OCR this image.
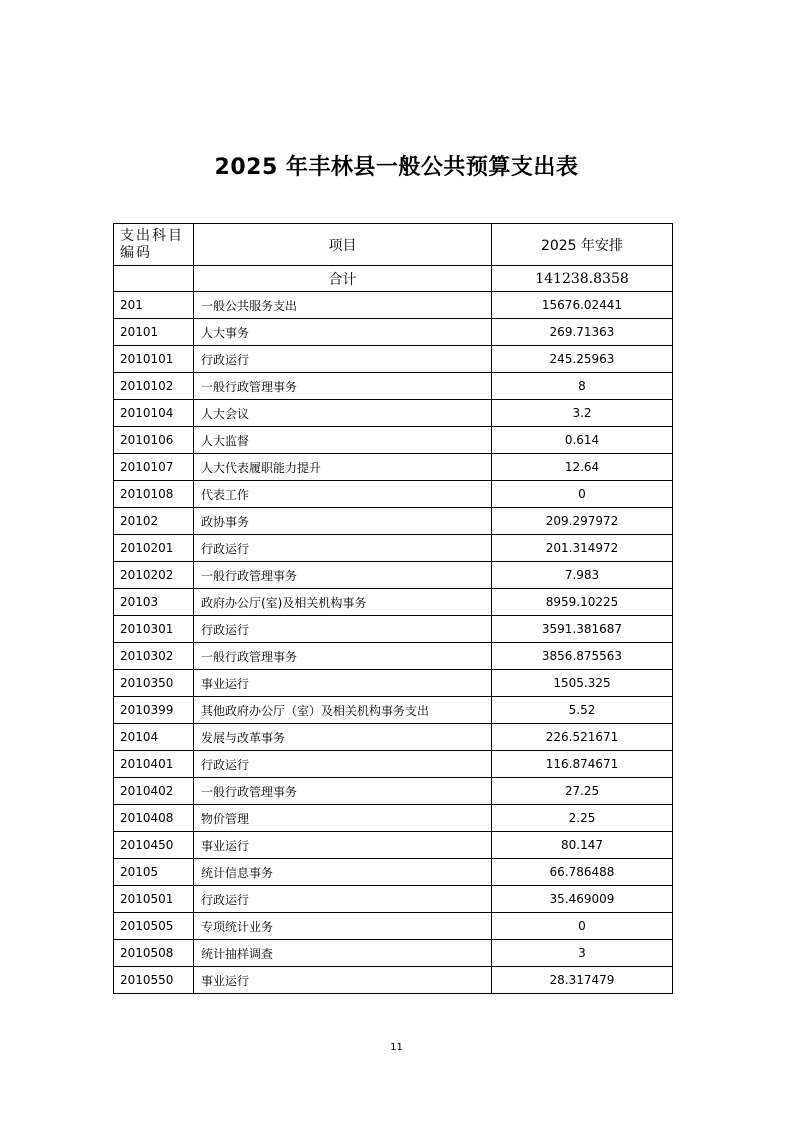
2025 年丰林县一般公共预算支出表
支出科目编码	项目	2025 年安排
	合计	141238.8358
201	一般公共服务支出	15676.02441
20101	人大事务	269.71363
2010101	行政运行	245.25963
2010102	一般行政管理事务	8
2010104	人大会议	3.2
2010106	人大监督	0.614
2010107	人大代表履职能力提升	12.64
2010108	代表工作	0
20102	政协事务	209.297972
2010201	行政运行	201.314972
2010202	一般行政管理事务	7.983
20103	政府办公厅(室)及相关机构事务	8959.10225
2010301	行政运行	3591.381687
2010302	一般行政管理事务	3856.875563
2010350	事业运行	1505.325
2010399	其他政府办公厅（室）及相关机构事务支出	5.52
20104	发展与改革事务	226.521671
2010401	行政运行	116.874671
2010402	一般行政管理事务	27.25
2010408	物价管理	2.25
2010450	事业运行	80.147
20105	统计信息事务	66.786488
2010501	行政运行	35.469009
2010505	专项统计业务	0
2010508	统计抽样调查	3
2010550	事业运行	28.317479
11
